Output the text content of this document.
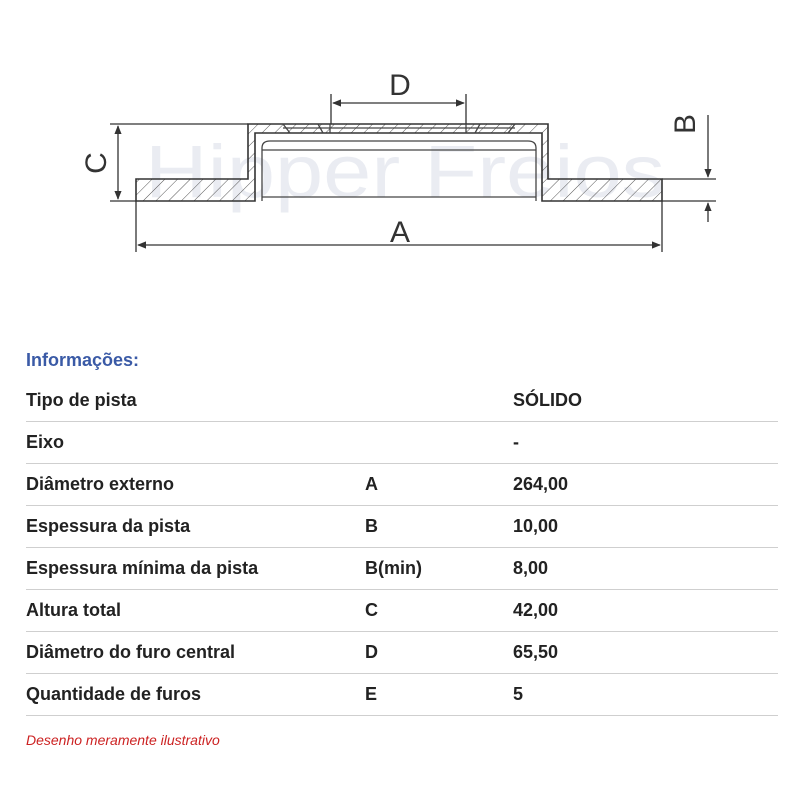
Hipper Freios
D
C
B
A
Informações:
Tipo de pista		SÓLIDO
Eixo		-
Diâmetro externo	A	264,00
Espessura da pista	B	10,00
Espessura mínima da pista	B(min)	8,00
Altura total	C	42,00
Diâmetro do furo central	D	65,50
Quantidade de furos	E	5
Desenho meramente ilustrativo
